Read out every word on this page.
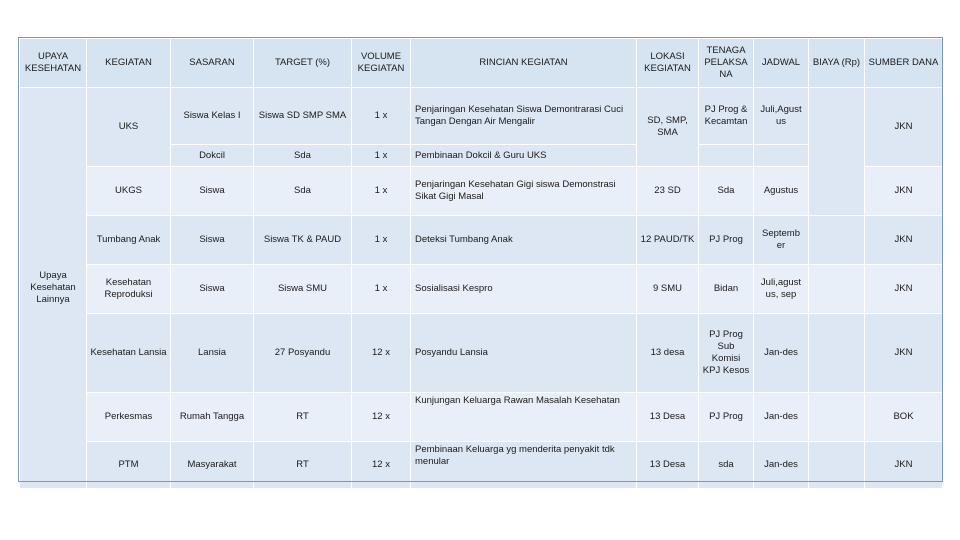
UPAYA KESEHATAN	KEGIATAN	SASARAN	TARGET (%)	VOLUME KEGIATAN	RINCIAN KEGIATAN	LOKASI KEGIATAN	TENAGA PELAKSA NA	JADWAL	BIAYA (Rp)	SUMBER DANA
Upaya Kesehatan Lainnya	UKS	Siswa Kelas I	Siswa SD SMP SMA	1 x	Penjaringan Kesehatan Siswa Demontrarasi Cuci Tangan Dengan Air Mengalir	SD, SMP, SMA	PJ Prog & Kecamtan	Juli,Agust us		JKN
		Dokcil	Sda	1 x	Pembinaan Dokcil & Guru UKS					
	UKGS	Siswa	Sda	1 x	Penjaringan Kesehatan Gigi siswa Demonstrasi Sikat Gigi Masal	23 SD	Sda	Agustus		JKN
	Tumbang Anak	Siswa	Siswa TK & PAUD	1 x	Deteksi Tumbang Anak	12 PAUD/TK	PJ Prog	Septemb er		JKN
	Kesehatan Reproduksi	Siswa	Siswa SMU	1 x	Sosialisasi Kespro	9 SMU	Bidan	Juli,agust us, sep		JKN
	Kesehatan Lansia	Lansia	27 Posyandu	12 x	Posyandu Lansia	13 desa	PJ Prog Sub Komisi KPJ Kesos	Jan-des		JKN
	Perkesmas	Rumah Tangga	RT	12 x	Kunjungan Keluarga Rawan Masalah Kesehatan	13 Desa	PJ Prog	Jan-des		BOK
	PTM	Masyarakat	RT	12 x	Pembinaan Keluarga yg menderita penyakit tdk menular	13 Desa	sda	Jan-des		JKN
